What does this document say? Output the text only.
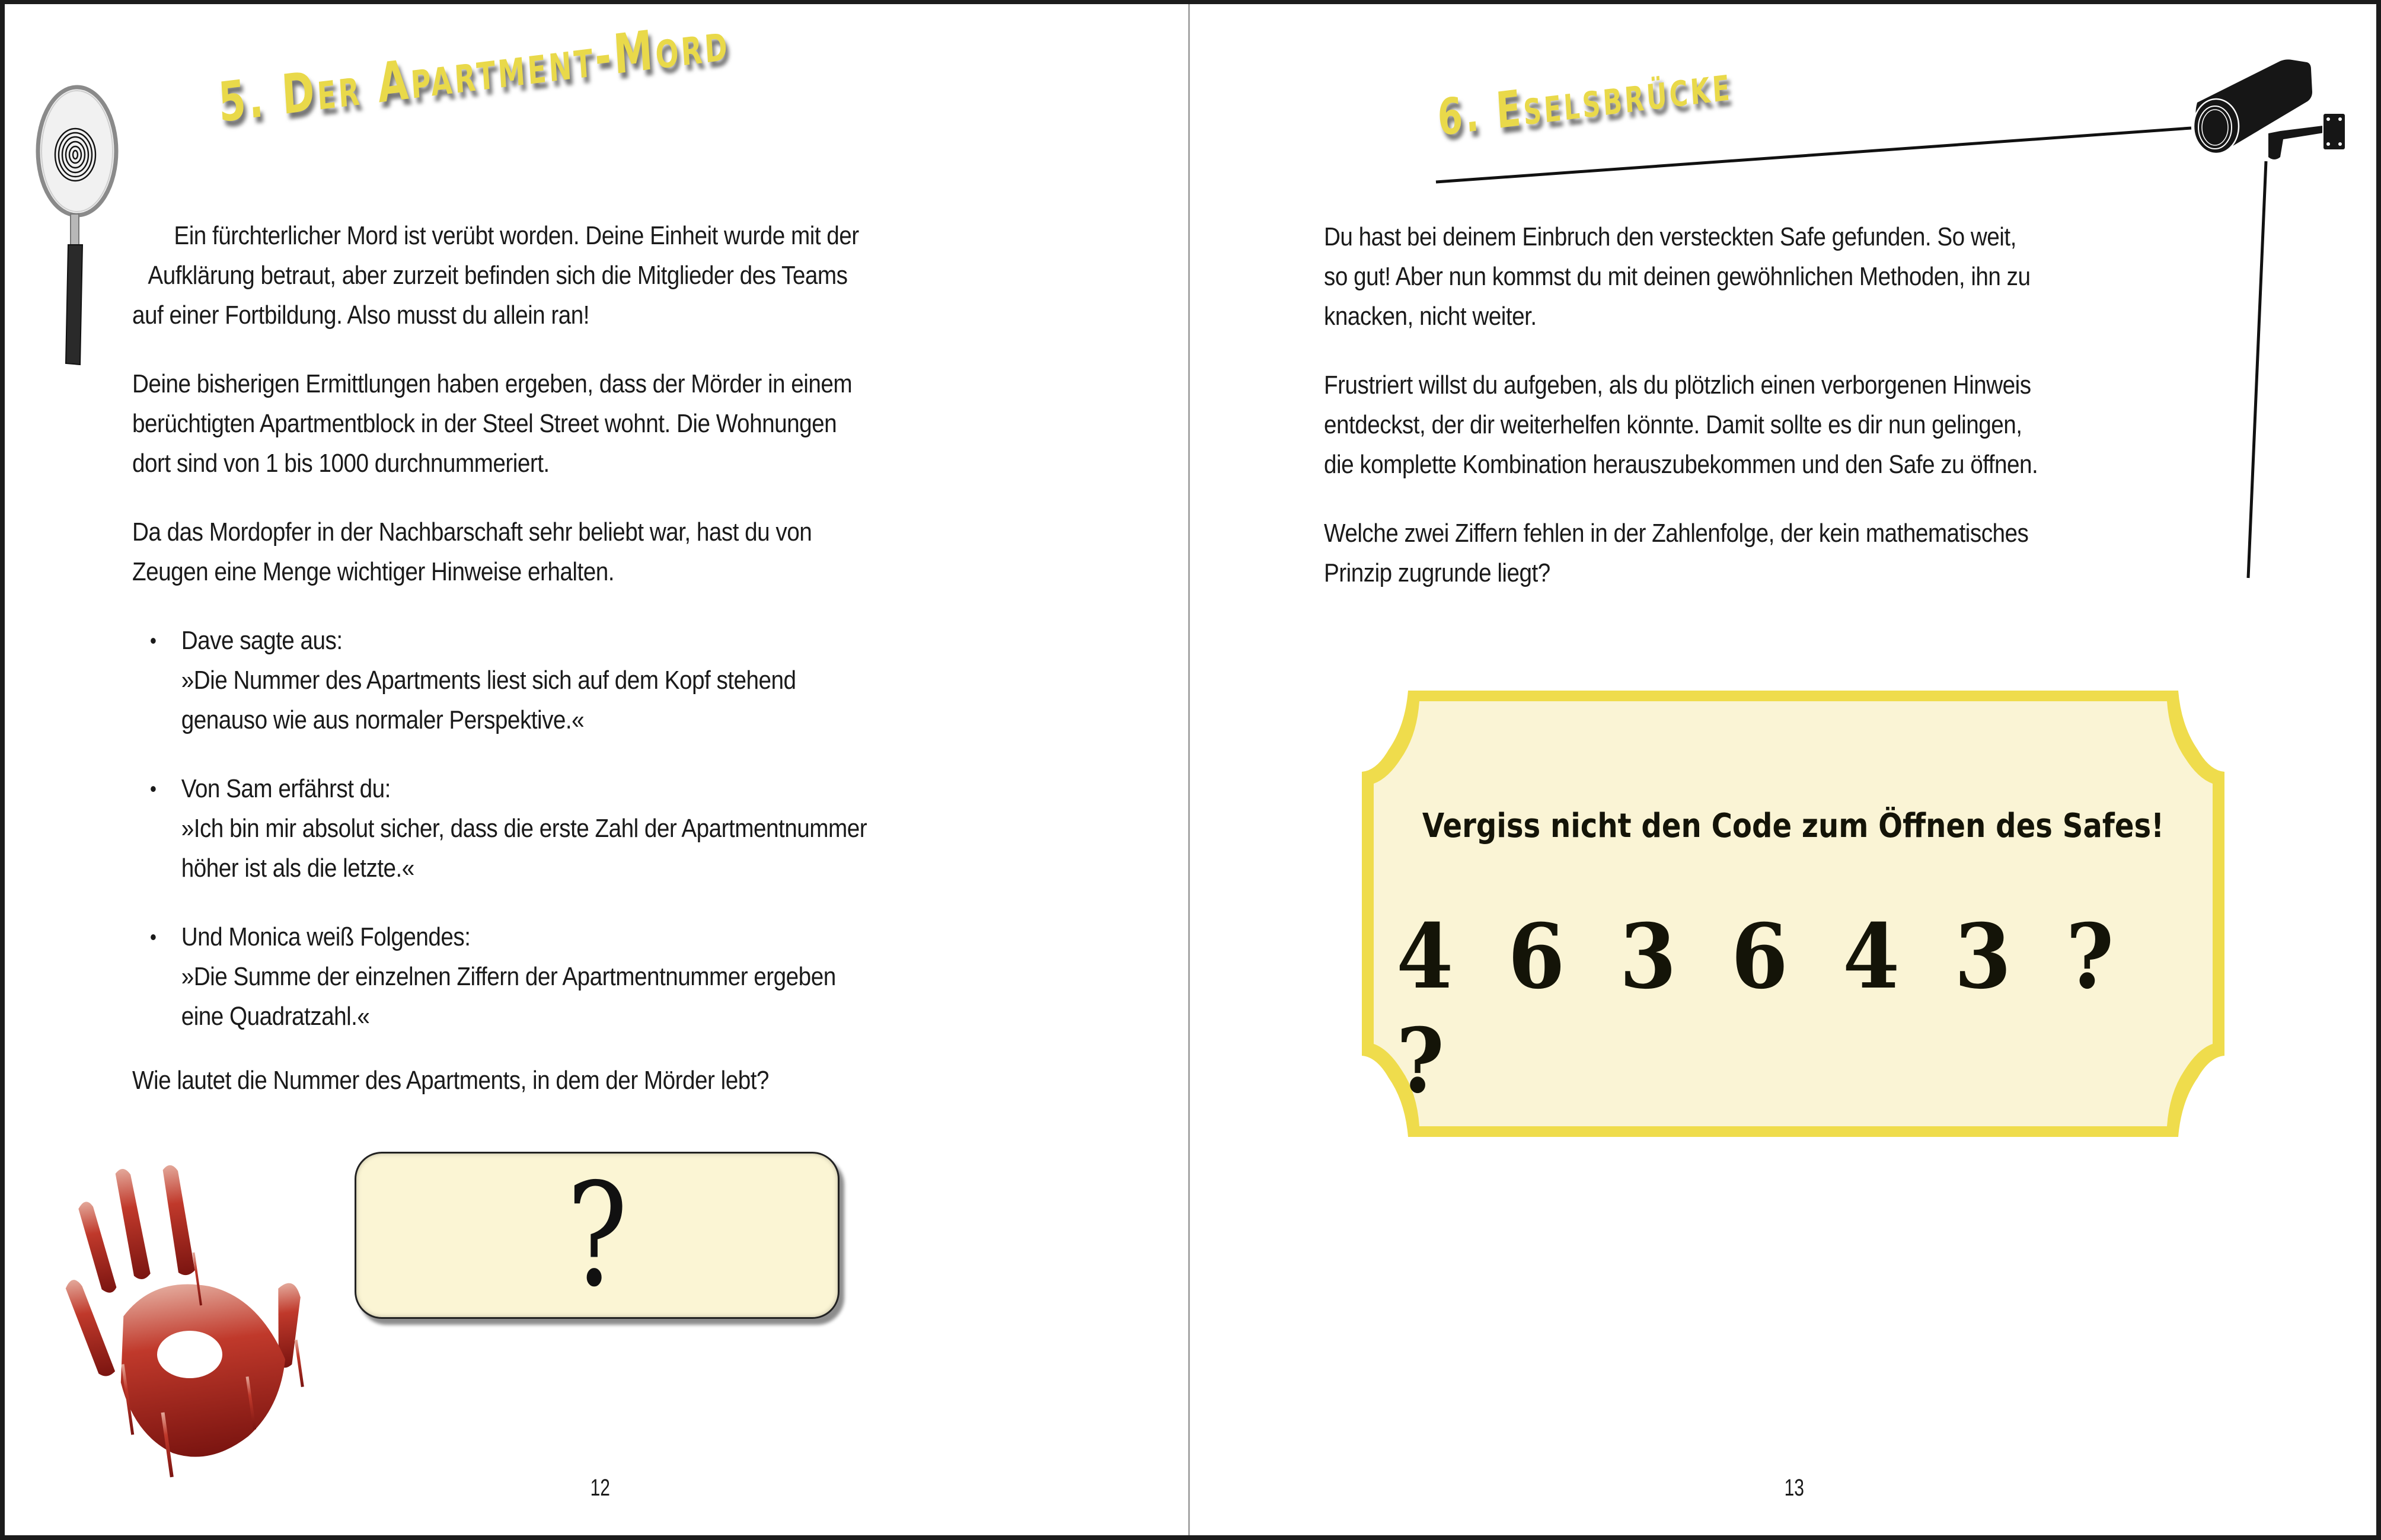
5. Der Apartment-Mord

Ein fürchterlicher Mord ist verübt worden. Deine Einheit wurde mit der
Aufklärung betraut, aber zurzeit befinden sich die Mitglieder des Teams
auf einer Fortbildung. Also musst du allein ran!

Deine bisherigen Ermittlungen haben ergeben, dass der Mörder in einem
berüchtigten Apartmentblock in der Steel Street wohnt. Die Wohnungen
dort sind von 1 bis 1000 durchnummeriert.

Da das Mordopfer in der Nachbarschaft sehr beliebt war, hast du von
Zeugen eine Menge wichtiger Hinweise erhalten.

• Dave sagte aus:
»Die Nummer des Apartments liest sich auf dem Kopf stehend
genauso wie aus normaler Perspektive.«
• Von Sam erfährst du:
»Ich bin mir absolut sicher, dass die erste Zahl der Apartmentnummer
höher ist als die letzte.«
• Und Monica weiß Folgendes:
»Die Summe der einzelnen Ziffern der Apartmentnummer ergeben
eine Quadratzahl.«

Wie lautet die Nummer des Apartments, in dem der Mörder lebt?

?
12
6. Eselsbrücke

Du hast bei deinem Einbruch den versteckten Safe gefunden. So weit,
so gut! Aber nun kommst du mit deinen gewöhnlichen Methoden, ihn zu
knacken, nicht weiter.

Frustriert willst du aufgeben, als du plötzlich einen verborgenen Hinweis
entdeckst, der dir weiterhelfen könnte. Damit sollte es dir nun gelingen,
die komplette Kombination herauszubekommen und den Safe zu öffnen.

Welche zwei Ziffern fehlen in der Zahlenfolge, der kein mathematisches
Prinzip zugrunde liegt?

Vergiss nicht den Code zum Öffnen des Safes!
4 6 3 6 4 3 ? ?
13
